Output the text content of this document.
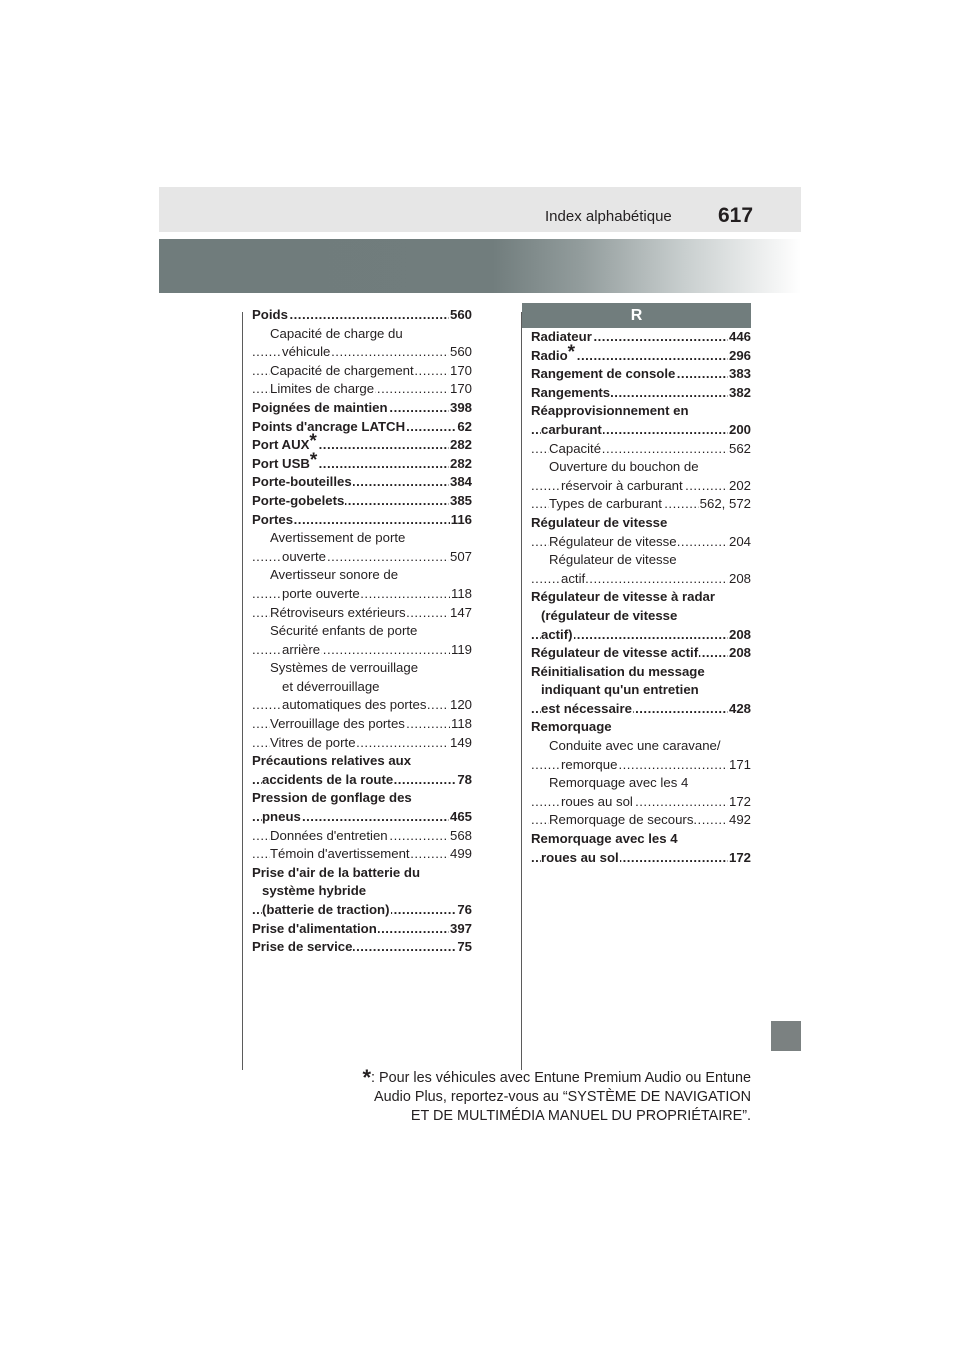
Index alphabétique 617
R
..... Poids	560
Capacité de charge du
..... véhicule	560
..... Capacité de chargement	170
..... Limites de charge	170
..... Poignées de maintien	398
..... Points d'ancrage LATCH	62
..... Port AUX*	282
..... Port USB*	282
..... Porte-bouteilles	384
..... Porte-gobelets	385
..... Portes	116
Avertissement de porte
..... ouverte	507
Avertisseur sonore de
..... porte ouverte	118
..... Rétroviseurs extérieurs	147
Sécurité enfants de porte
..... arrière	119
Systèmes de verrouillage
et déverrouillage
..... automatiques des portes 120
..... Verrouillage des portes	118
..... Vitres de porte	149
Précautions relatives aux
..... accidents de la route	78
Pression de gonflage des
..... pneus	465
..... Données d'entretien	568
..... Témoin d'avertissement	499
Prise d'air de la batterie du
système hybride
..... (batterie de traction)	76
..... Prise d'alimentation	397
..... Prise de service	75
..... Radiateur	446
..... Radio*	296
..... Rangement de console	383
..... Rangements	382
Réapprovisionnement en
..... carburant	200
..... Capacité	562
Ouverture du bouchon de
..... réservoir à carburant	202
..... Types de carburant	562, 572
Régulateur de vitesse
..... Régulateur de vitesse	204
Régulateur de vitesse
..... actif	208
Régulateur de vitesse à radar
(régulateur de vitesse
..... actif)	208
..... Régulateur de vitesse actif 208
Réinitialisation du message
indiquant qu'un entretien
..... est nécessaire	428
Remorquage
Conduite avec une caravane/
..... remorque	171
Remorquage avec les 4
..... roues au sol	172
..... Remorquage de secours	492
Remorquage avec les 4
..... roues au sol	172
*: Pour les véhicules avec Entune Premium Audio ou Entune
Audio Plus, reportez-vous au “SYSTÈME DE NAVIGATION
ET DE MULTIMÉDIA MANUEL DU PROPRIÉTAIRE”.
